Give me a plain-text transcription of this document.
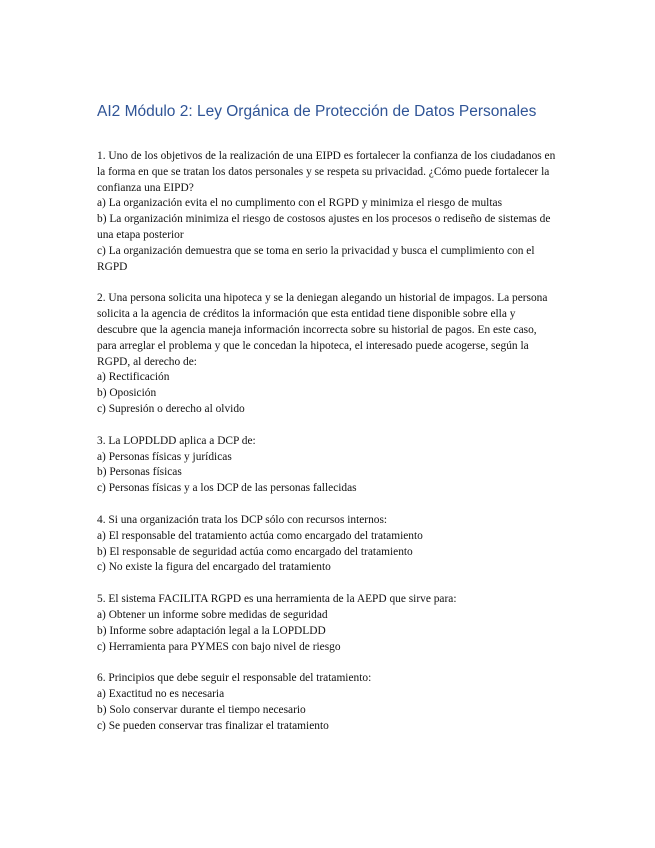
AI2 Módulo 2: Ley Orgánica de Protección de Datos Personales

1. Uno de los objetivos de la realización de una EIPD es fortalecer la confianza de los ciudadanos en la forma en que se tratan los datos personales y se respeta su privacidad. ¿Cómo puede fortalecer la confianza una EIPD?

a) La organización evita el no cumplimento con el RGPD y minimiza el riesgo de multas

b) La organización minimiza el riesgo de costosos ajustes en los procesos o rediseño de sistemas de una etapa posterior

c) La organización demuestra que se toma en serio la privacidad y busca el cumplimiento con el RGPD

2. Una persona solicita una hipoteca y se la deniegan alegando un historial de impagos. La persona solicita a la agencia de créditos la información que esta entidad tiene disponible sobre ella y descubre que la agencia maneja información incorrecta sobre su historial de pagos. En este caso, para arreglar el problema y que le concedan la hipoteca, el interesado puede acogerse, según la RGPD, al derecho de:

a) Rectificación

b) Oposición

c) Supresión o derecho al olvido

3. La LOPDLDD aplica a DCP de:

a) Personas físicas y jurídicas

b) Personas físicas

c) Personas físicas y a los DCP de las personas fallecidas

4. Si una organización trata los DCP sólo con recursos internos:

a) El responsable del tratamiento actúa como encargado del tratamiento

b) El responsable de seguridad actúa como encargado del tratamiento

c) No existe la figura del encargado del tratamiento

5. El sistema FACILITA RGPD es una herramienta de la AEPD que sirve para:

a) Obtener un informe sobre medidas de seguridad

b) Informe sobre adaptación legal a la LOPDLDD

c) Herramienta para PYMES con bajo nivel de riesgo

6. Principios que debe seguir el responsable del tratamiento:

a) Exactitud no es necesaria

b) Solo conservar durante el tiempo necesario

c) Se pueden conservar tras finalizar el tratamiento
